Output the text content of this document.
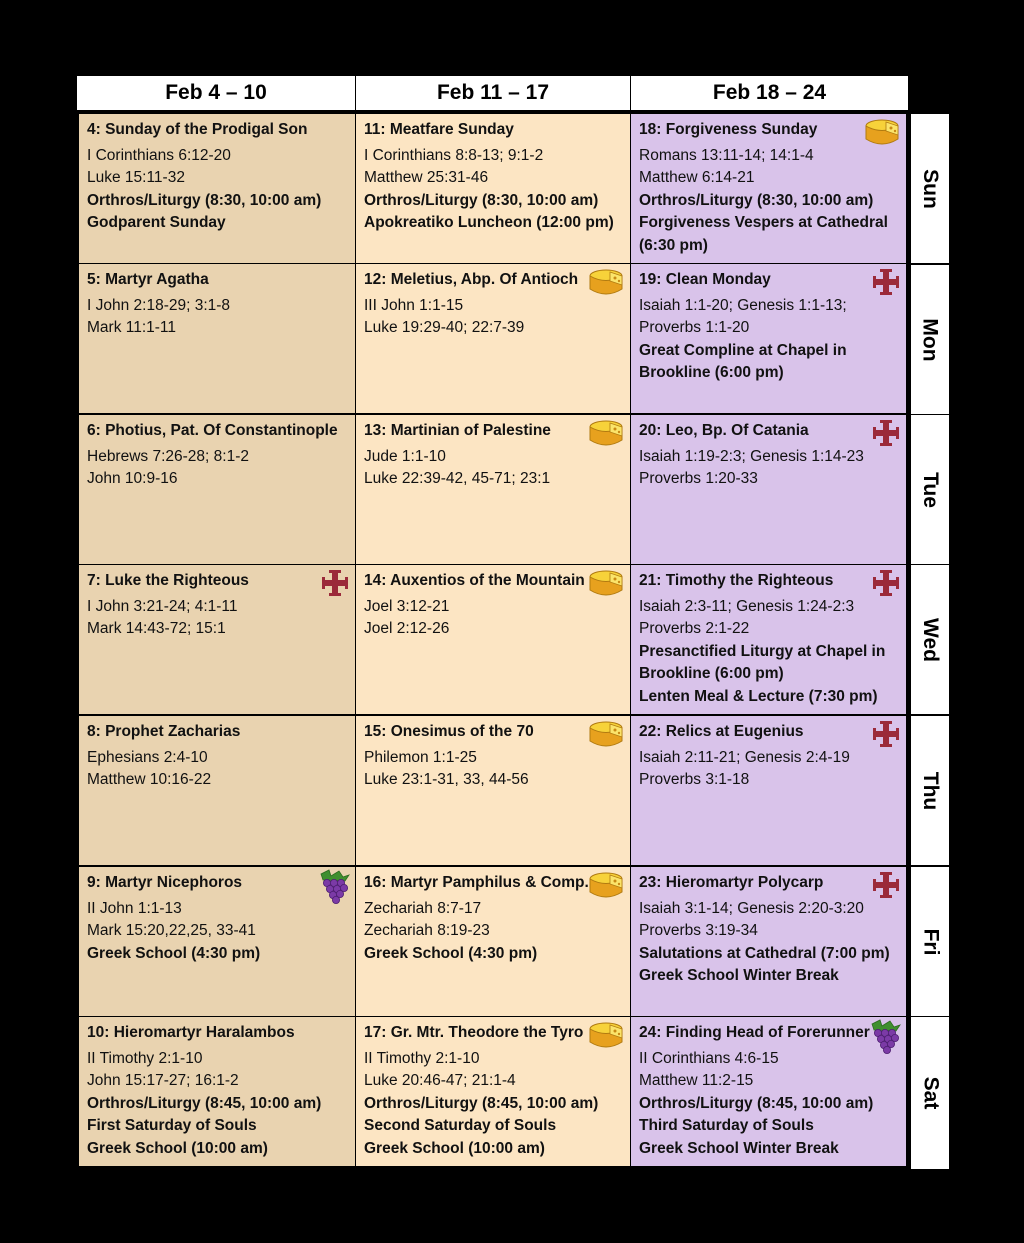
Feb 4 – 10	Feb 11 – 17	Feb 18 – 24
4: Sunday of the Prodigal Son
I Corinthians 6:12-20
Luke 15:11-32
Orthros/Liturgy (8:30, 10:00 am)
Godparent Sunday
5: Martyr Agatha
I John 2:18-29; 3:1-8
Mark 11:1-11
6: Photius, Pat. Of Constantinople
Hebrews 7:26-28; 8:1-2
John 10:9-16
7: Luke the Righteous
I John 3:21-24; 4:1-11
Mark 14:43-72; 15:1
8: Prophet Zacharias
Ephesians 2:4-10
Matthew 10:16-22
9: Martyr Nicephoros
II John 1:1-13
Mark 15:20,22,25, 33-41
Greek School (4:30 pm)
10: Hieromartyr Haralambos
II Timothy 2:1-10
John 15:17-27; 16:1-2
Orthros/Liturgy (8:45, 10:00 am)
First Saturday of Souls
Greek School (10:00 am)
11: Meatfare Sunday
I Corinthians 8:8-13; 9:1-2
Matthew 25:31-46
Orthros/Liturgy (8:30, 10:00 am)
Apokreatiko Luncheon (12:00 pm)
12: Meletius, Abp. Of Antioch
III John 1:1-15
Luke 19:29-40; 22:7-39
13: Martinian of Palestine
Jude 1:1-10
Luke 22:39-42, 45-71; 23:1
14: Auxentios of the Mountain
Joel 3:12-21
Joel 2:12-26
15: Onesimus of the 70
Philemon 1:1-25
Luke 23:1-31, 33, 44-56
16: Martyr Pamphilus & Comp.
Zechariah 8:7-17
Zechariah 8:19-23
Greek School (4:30 pm)
17: Gr. Mtr. Theodore the Tyro
II Timothy 2:1-10
Luke 20:46-47; 21:1-4
Orthros/Liturgy (8:45, 10:00 am)
Second Saturday of Souls
Greek School (10:00 am)
18: Forgiveness Sunday
Romans 13:11-14; 14:1-4
Matthew 6:14-21
Orthros/Liturgy (8:30, 10:00 am)
Forgiveness Vespers at Cathedral
(6:30 pm)
19: Clean Monday
Isaiah 1:1-20; Genesis 1:1-13;
Proverbs 1:1-20
Great Compline at Chapel in
Brookline (6:00 pm)
20: Leo, Bp. Of Catania
Isaiah 1:19-2:3; Genesis 1:14-23
Proverbs 1:20-33
21: Timothy the Righteous
Isaiah 2:3-11; Genesis 1:24-2:3
Proverbs 2:1-22
Presanctified Liturgy at Chapel in
Brookline (6:00 pm)
Lenten Meal & Lecture (7:30 pm)
22: Relics at Eugenius
Isaiah 2:11-21; Genesis 2:4-19
Proverbs 3:1-18
23: Hieromartyr Polycarp
Isaiah 3:1-14; Genesis 2:20-3:20
Proverbs 3:19-34
Salutations at Cathedral (7:00 pm)
Greek School Winter Break
24: Finding Head of Forerunner
II Corinthians 4:6-15
Matthew 11:2-15
Orthros/Liturgy (8:45, 10:00 am)
Third Saturday of Souls
Greek School Winter Break
Sun
Mon
Tue
Wed
Thu
Fri
Sat
